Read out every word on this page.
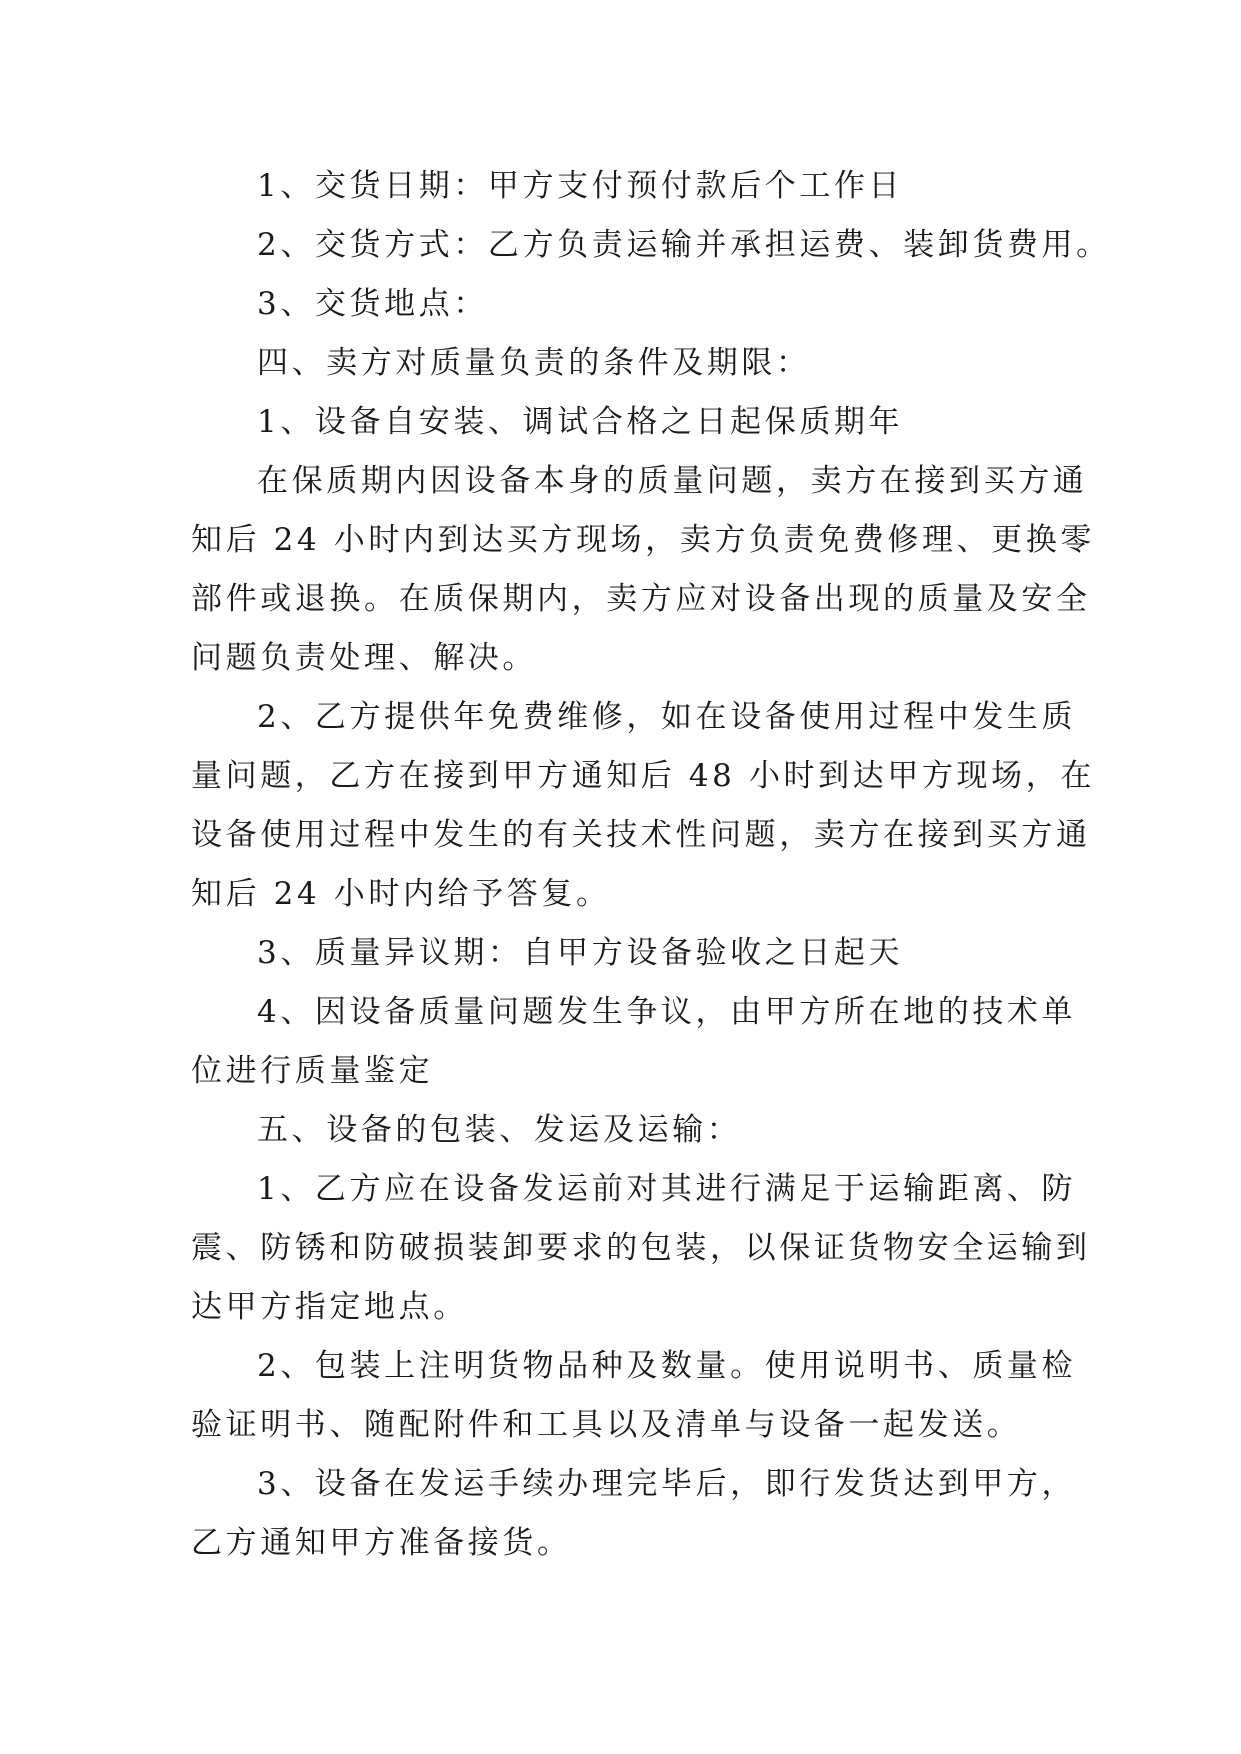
1、交货日期：甲方支付预付款后个工作日
2、交货方式：乙方负责运输并承担运费、装卸货费用。
3、交货地点：
四、卖方对质量负责的条件及期限：
1、设备自安装、调试合格之日起保质期年
在保质期内因设备本身的质量问题，卖方在接到买方通
知后 24 小时内到达买方现场，卖方负责免费修理、更换零
部件或退换。在质保期内，卖方应对设备出现的质量及安全
问题负责处理、解决。
2、乙方提供年免费维修，如在设备使用过程中发生质
量问题，乙方在接到甲方通知后 48 小时到达甲方现场，在
设备使用过程中发生的有关技术性问题，卖方在接到买方通
知后 24 小时内给予答复。
3、质量异议期：自甲方设备验收之日起天
4、因设备质量问题发生争议，由甲方所在地的技术单
位进行质量鉴定
五、设备的包装、发运及运输：
1、乙方应在设备发运前对其进行满足于运输距离、防
震、防锈和防破损装卸要求的包装，以保证货物安全运输到
达甲方指定地点。
2、包装上注明货物品种及数量。使用说明书、质量检
验证明书、随配附件和工具以及清单与设备一起发送。
3、设备在发运手续办理完毕后，即行发货达到甲方，
乙方通知甲方准备接货。
